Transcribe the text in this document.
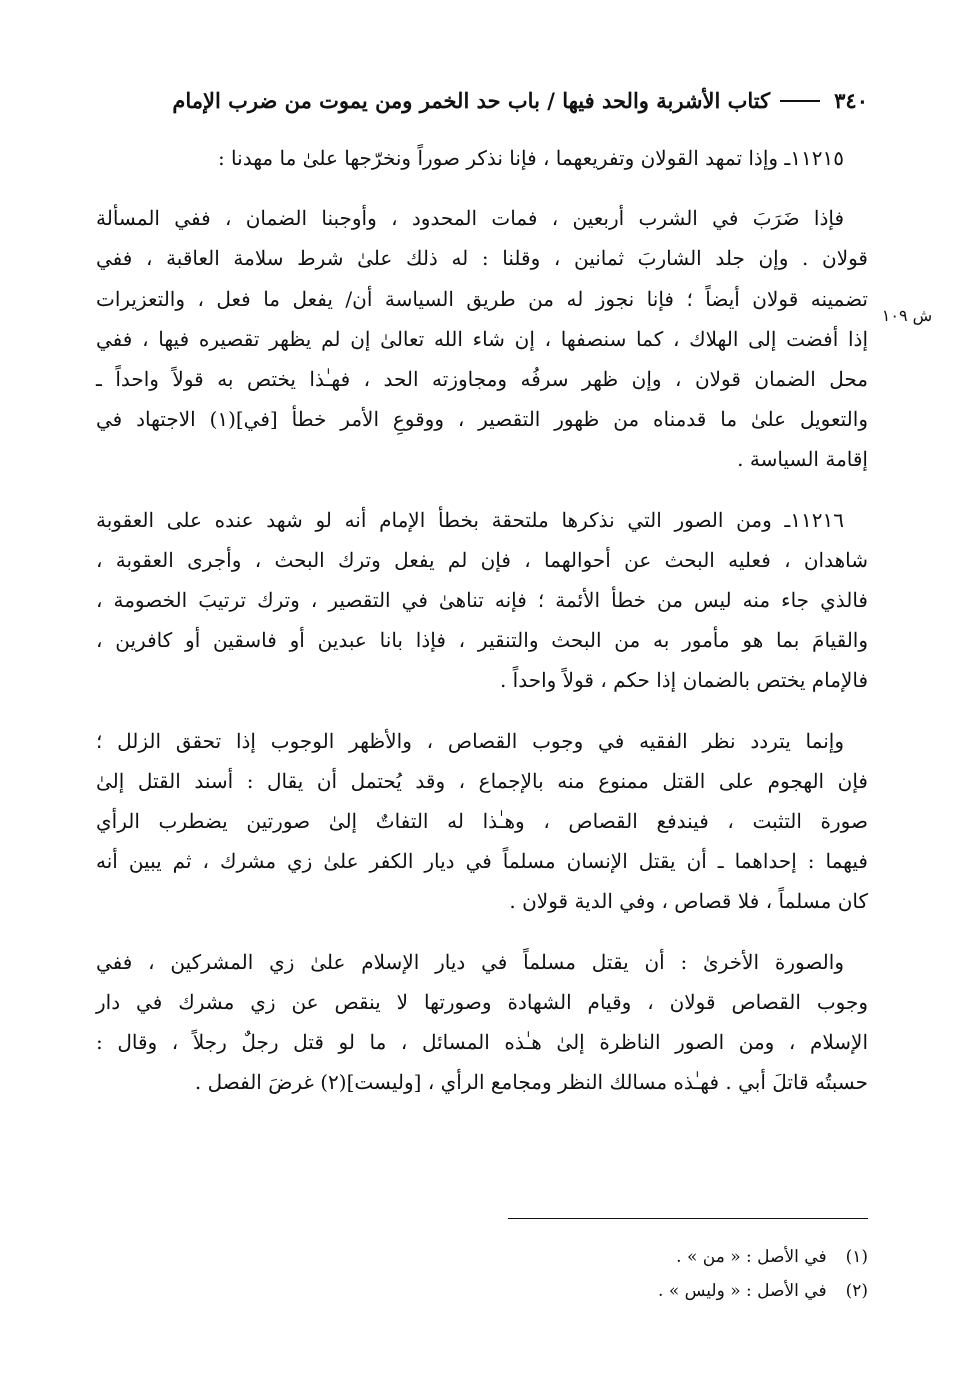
٣٤٠
كتاب الأشربة والحد فيها / باب حد الخمر ومن يموت من ضرب الإمام
ش ١٠٩

١١٢١٥ـ وإذا تمهد القولان وتفريعهما ، فإنا نذكر صوراً ونخرّجها علىٰ ما مهدنا :

فإذا ضَرَبَ في الشرب أربعين ، فمات المحدود ، وأوجبنا الضمان ، ففي المسألة
قولان . وإن جلد الشاربَ ثمانين ، وقلنا : له ذلك علىٰ شرط سلامة العاقبة ، ففي
تضمينه قولان أيضاً ؛ فإنا نجوز له من طريق السياسة أن/ يفعل ما فعل ، والتعزيرات
إذا أفضت إلى الهلاك ، كما سنصفها ، إن شاء الله تعالىٰ إن لم يظهر تقصيره فيها ، ففي
محل الضمان قولان ، وإن ظهر سرفُه ومجاوزته الحد ، فهـٰذا يختص به قولاً واحداً ـ
والتعويل علىٰ ما قدمناه من ظهور التقصير ، ووقوعِ الأمر خطأ [في](١) الاجتهاد في
إقامة السياسة .

١١٢١٦ـ ومن الصور التي نذكرها ملتحقة بخطأ الإمام أنه لو شهد عنده على العقوبة
شاهدان ، فعليه البحث عن أحوالهما ، فإن لم يفعل وترك البحث ، وأجرى العقوبة ،
فالذي جاء منه ليس من خطأ الأئمة ؛ فإنه تناهىٰ في التقصير ، وترك ترتيبَ الخصومة ،
والقيامَ بما هو مأمور به من البحث والتنقير ، فإذا بانا عبدين أو فاسقين أو كافرين ،
فالإمام يختص بالضمان إذا حكم ، قولاً واحداً .

وإنما يتردد نظر الفقيه في وجوب القصاص ، والأظهر الوجوب إذا تحقق الزلل ؛
فإن الهجوم على القتل ممنوع منه بالإجماع ، وقد يُحتمل أن يقال : أسند القتل إلىٰ
صورة التثبت ، فيندفع القصاص ، وهـٰذا له التفاتٌ إلىٰ صورتين يضطرب الرأي
فيهما : إحداهما ـ أن يقتل الإنسان مسلماً في ديار الكفر علىٰ زي مشرك ، ثم يبين أنه
كان مسلماً ، فلا قصاص ، وفي الدية قولان .

والصورة الأخرىٰ : أن يقتل مسلماً في ديار الإسلام علىٰ زي المشركين ، ففي
وجوب القصاص قولان ، وقيام الشهادة وصورتها لا ينقص عن زي مشرك في دار
الإسلام ، ومن الصور الناظرة إلىٰ هـٰذه المسائل ، ما لو قتل رجلٌ رجلاً ، وقال :
حسبتُه قاتلَ أبي . فهـٰذه مسالك النظر ومجامع الرأي ، [وليست](٢) غرضَ الفصل .

(١) في الأصل : « من » .
(٢) في الأصل : « وليس » .
